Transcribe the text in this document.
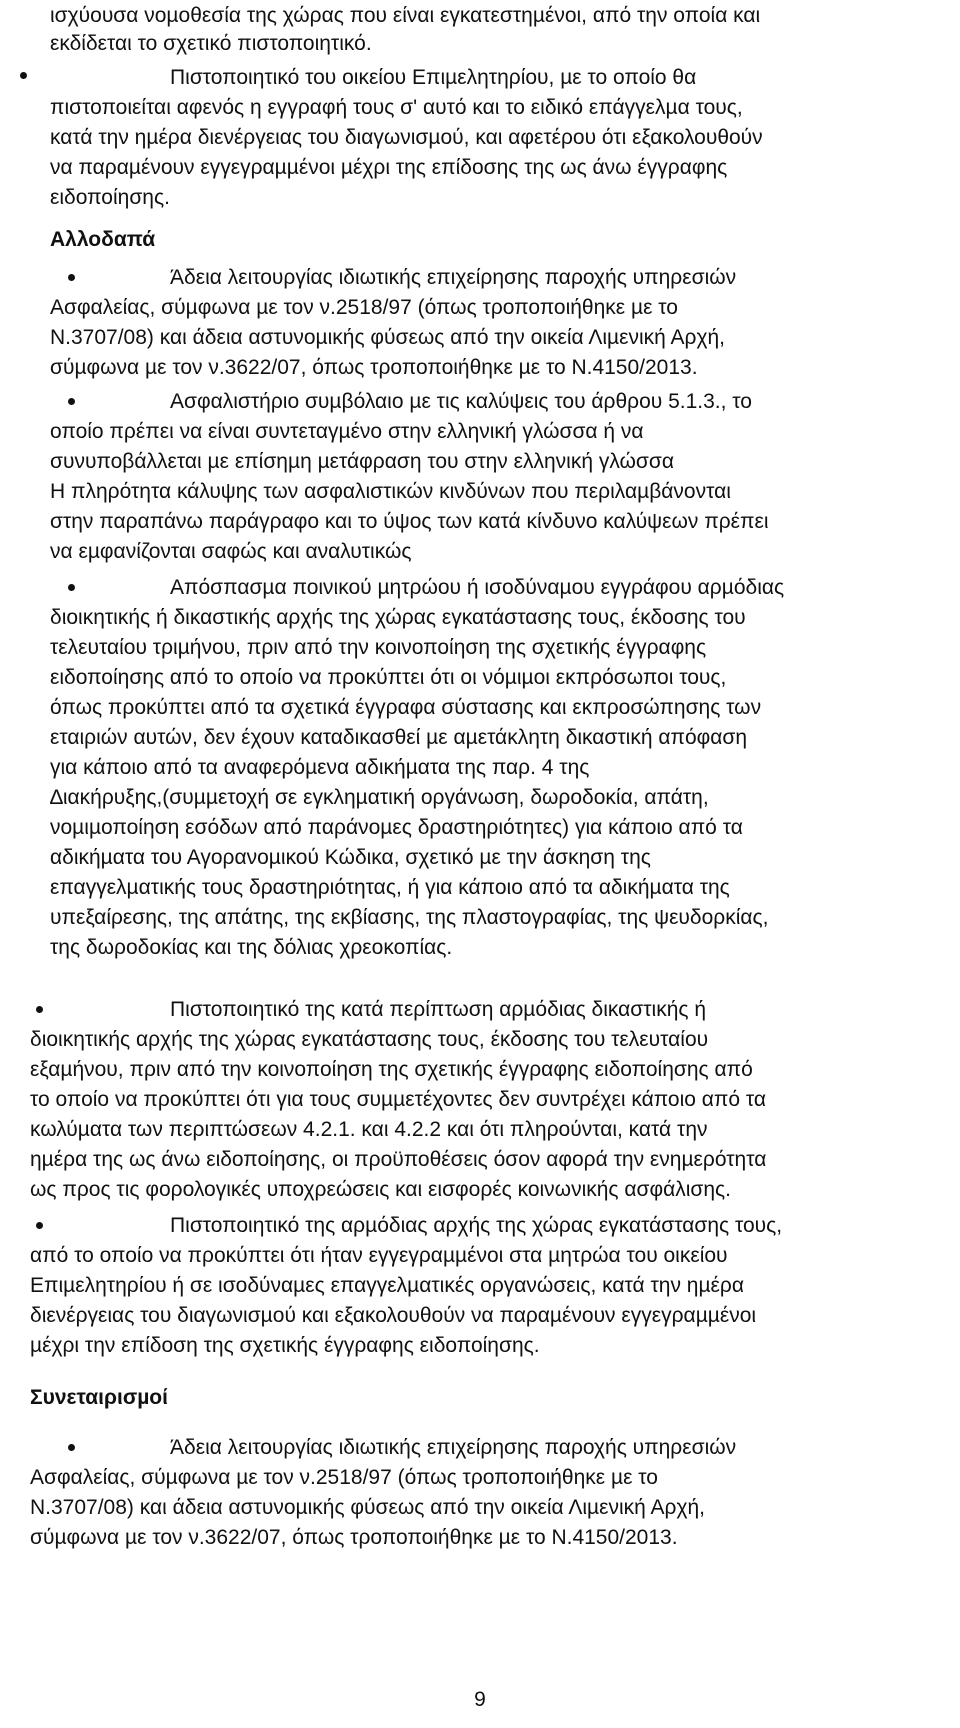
ισχύουσα νοµοθεσία της χώρας που είναι εγκατεστηµένοι, από την οποία και
εκδίδεται το σχετικό πιστοποιητικό.
Πιστοποιητικό του οικείου Επιµελητηρίου, µε το οποίο θα
πιστοποιείται αφενός η εγγραφή τους σ' αυτό και το ειδικό επάγγελµα τους,
κατά την ηµέρα διενέργειας του διαγωνισµού, και αφετέρου ότι εξακολουθούν
να παραµένουν εγγεγραµµένοι µέχρι της επίδοσης της ως άνω έγγραφης
ειδοποίησης.
Αλλοδαπά
Άδεια λειτουργίας ιδιωτικής επιχείρησης παροχής υπηρεσιών
Ασφαλείας, σύµφωνα µε τον ν.2518/97 (όπως τροποποιήθηκε µε το
Ν.3707/08) και άδεια αστυνοµικής φύσεως από την οικεία Λιµενική Αρχή,
σύµφωνα µε τον ν.3622/07, όπως τροποποιήθηκε µε το Ν.4150/2013.
Ασφαλιστήριο συµβόλαιο µε τις καλύψεις του άρθρου 5.1.3., το
οποίο πρέπει να είναι συντεταγµένο στην ελληνική γλώσσα ή να
συνυποβάλλεται µε επίσηµη µετάφραση του στην ελληνική γλώσσα
Η πληρότητα κάλυψης των ασφαλιστικών κινδύνων που περιλαµβάνονται
στην παραπάνω παράγραφο και το ύψος των κατά κίνδυνο καλύψεων πρέπει
να εµφανίζονται σαφώς και αναλυτικώς
Απόσπασµα ποινικού µητρώου ή ισοδύναµου εγγράφου αρµόδιας
διοικητικής ή δικαστικής αρχής της χώρας εγκατάστασης τους, έκδοσης του
τελευταίου τριµήνου, πριν από την κοινοποίηση της σχετικής έγγραφης
ειδοποίησης από το οποίο να προκύπτει ότι οι νόµιµοι εκπρόσωποι τους,
όπως προκύπτει από τα σχετικά έγγραφα σύστασης και εκπροσώπησης των
εταιριών αυτών, δεν έχουν καταδικασθεί µε αµετάκλητη δικαστική απόφαση
για κάποιο από τα αναφερόµενα αδικήµατα της παρ. 4 της
∆ιακήρυξης,(συµµετοχή σε εγκληµατική οργάνωση, δωροδοκία, απάτη,
νοµιµοποίηση εσόδων από παράνοµες δραστηριότητες) για κάποιο από τα
αδικήµατα του Αγορανοµικού Κώδικα, σχετικό µε την άσκηση της
επαγγελµατικής τους δραστηριότητας, ή για κάποιο από τα αδικήµατα της
υπεξαίρεσης, της απάτης, της εκβίασης, της πλαστογραφίας, της ψευδορκίας,
της δωροδοκίας και της δόλιας χρεοκοπίας.
Πιστοποιητικό της κατά περίπτωση αρµόδιας δικαστικής ή
διοικητικής αρχής της χώρας εγκατάστασης τους, έκδοσης του τελευταίου
εξαµήνου, πριν από την κοινοποίηση της σχετικής έγγραφης ειδοποίησης από
το οποίο να προκύπτει ότι για τους συµµετέχοντες δεν συντρέχει κάποιο από τα
κωλύµατα των περιπτώσεων 4.2.1. και 4.2.2 και ότι πληρούνται, κατά την
ηµέρα της ως άνω ειδοποίησης, οι προϋποθέσεις όσον αφορά την ενηµερότητα
ως προς τις φορολογικές υποχρεώσεις και εισφορές κοινωνικής ασφάλισης.
Πιστοποιητικό της αρµόδιας αρχής της χώρας εγκατάστασης τους,
από το οποίο να προκύπτει ότι ήταν εγγεγραµµένοι στα µητρώα του οικείου
Επιµελητηρίου ή σε ισοδύναµες επαγγελµατικές οργανώσεις, κατά την ηµέρα
διενέργειας του διαγωνισµού και εξακολουθούν να παραµένουν εγγεγραµµένοι
µέχρι την επίδοση της σχετικής έγγραφης ειδοποίησης.
Συνεταιρισµοί
Άδεια λειτουργίας ιδιωτικής επιχείρησης παροχής υπηρεσιών
Ασφαλείας, σύµφωνα µε τον ν.2518/97 (όπως τροποποιήθηκε µε το
Ν.3707/08) και άδεια αστυνοµικής φύσεως από την οικεία Λιµενική Αρχή,
σύµφωνα µε τον ν.3622/07, όπως τροποποιήθηκε µε το Ν.4150/2013.
9
